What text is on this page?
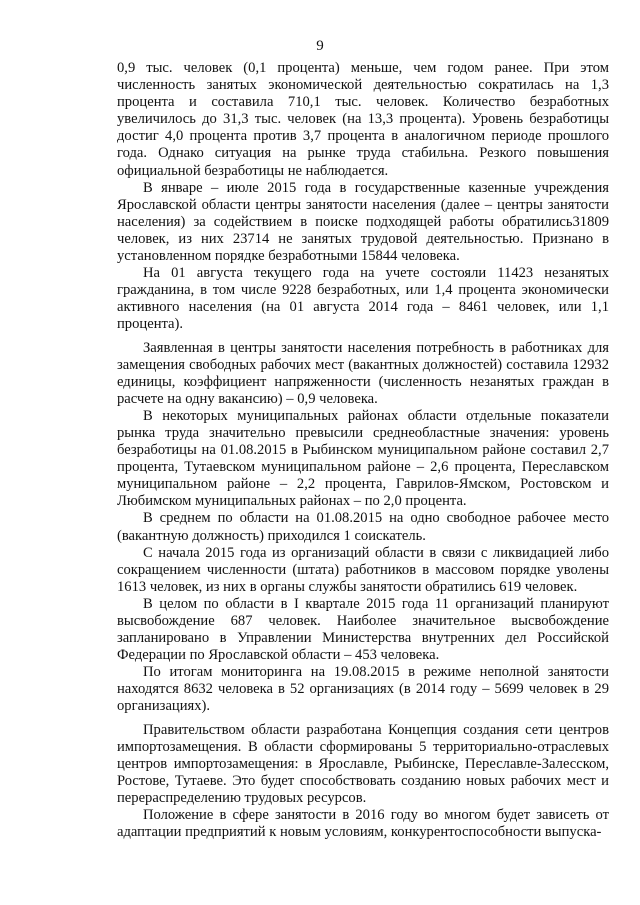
9

0,9 тыс. человек (0,1 процента) меньше, чем годом ранее. При этом численность занятых экономической деятельностью сократилась на 1,3 процента и составила 710,1 тыс. человек. Количество безработных увеличилось до 31,3 тыс. человек (на 13,3 процента). Уровень безработицы достиг 4,0 процента против 3,7 процента в аналогичном периоде прошлого года. Однако ситуация на рынке труда стабильна. Резкого повышения официальной безработицы не наблюдается.

В январе – июле 2015 года в государственные казенные учреждения Ярославской области центры занятости населения (далее – центры занятости населения) за содействием в поиске подходящей работы обратились31809 человек, из них 23714 не занятых трудовой деятельностью. Признано в установленном порядке безработными 15844 человека.

На 01 августа текущего года на учете состояли 11423 незанятых гражданина, в том числе 9228 безработных, или 1,4 процента экономически активного населения (на 01 августа 2014 года – 8461 человек, или 1,1 процента).

Заявленная в центры занятости населения потребность в работниках для замещения свободных рабочих мест (вакантных должностей) составила 12932 единицы, коэффициент напряженности (численность незанятых граждан в расчете на одну вакансию) – 0,9 человека.

В некоторых муниципальных районах области отдельные показатели рынка труда значительно превысили среднеобластные значения: уровень безработицы на 01.08.2015 в Рыбинском муниципальном районе составил 2,7 процента, Тутаевском муниципальном районе – 2,6 процента, Переславском муниципальном районе – 2,2 процента, Гаврилов-Ямском, Ростовском и Любимском муниципальных районах – по 2,0 процента.

В среднем по области на 01.08.2015 на одно свободное рабочее место (вакантную должность) приходился 1 соискатель.

С начала 2015 года из организаций области в связи с ликвидацией либо сокращением численности (штата) работников в массовом порядке уволены 1613 человек, из них в органы службы занятости обратились 619 человек.

В целом по области в I квартале 2015 года 11 организаций планируют высвобождение 687 человек. Наиболее значительное высвобождение запланировано в Управлении Министерства внутренних дел Российской Федерации по Ярославской области – 453 человека.

По итогам мониторинга на 19.08.2015 в режиме неполной занятости находятся 8632 человека в 52 организациях (в 2014 году – 5699 человек в 29 организациях).

Правительством области разработана Концепция создания сети центров импортозамещения. В области сформированы 5 территориально-отраслевых центров импортозамещения: в Ярославле, Рыбинске, Переславле-Залесском, Ростове, Тутаеве. Это будет способствовать созданию новых рабочих мест и перераспределению трудовых ресурсов.

Положение в сфере занятости в 2016 году во многом будет зависеть от адаптации предприятий к новым условиям, конкурентоспособности выпуска-
